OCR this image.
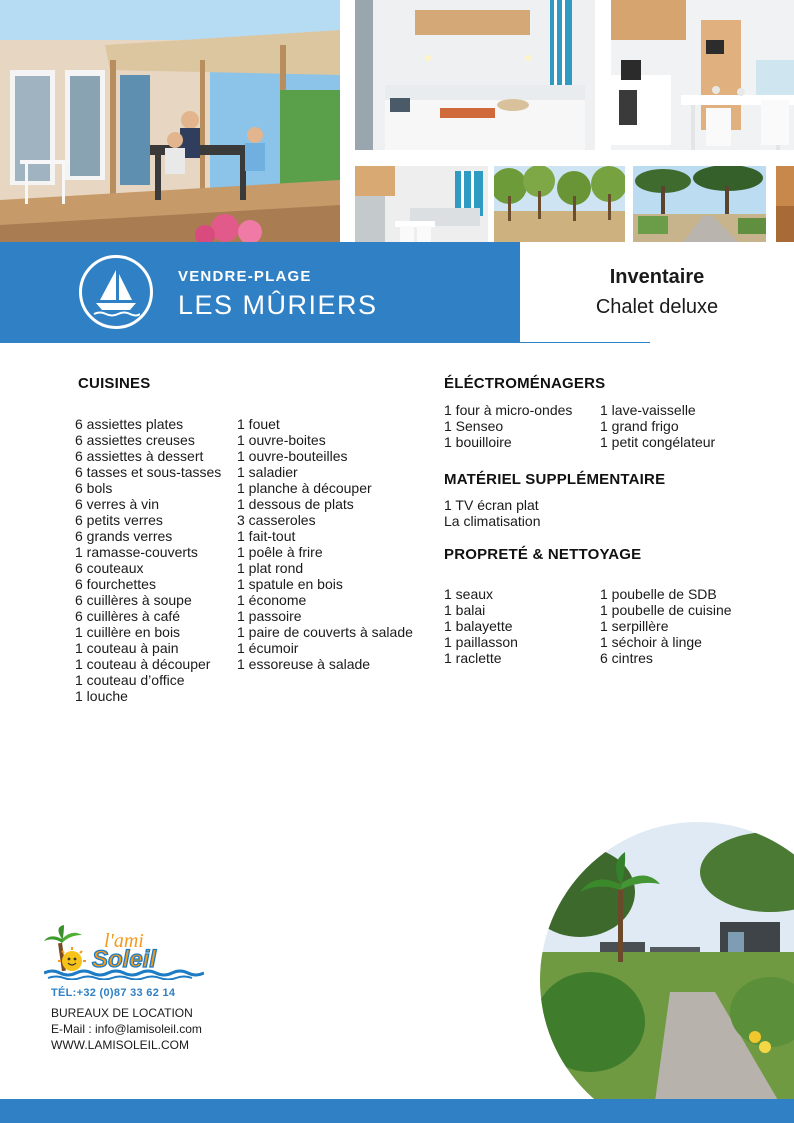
VENDRE-PLAGE
LES MÛRIERS
Inventaire
Chalet deluxe
CUISINES
6 assiettes plates
6 assiettes creuses
6 assiettes à dessert
6 tasses et sous-tasses
6 bols
6 verres à vin
6 petits verres
6 grands verres
1 ramasse-couverts
6 couteaux
6 fourchettes
6 cuillères à soupe
6 cuillères à café
1 cuillère en bois
1 couteau à pain
1 couteau à découper
1 couteau d’office
1 louche
1 fouet
1 ouvre-boites
1 ouvre-bouteilles
1 saladier
1 planche à découper
1 dessous de plats
3 casseroles
1 fait-tout
1 poêle à frire
1 plat rond
1 spatule en bois
1 économe
1 passoire
1 paire de couverts à salade
1 écumoir
1 essoreuse à salade
ÉLÉCTROMÉNAGERS
1 four à micro-ondes
1 Senseo
1 bouilloire
1 lave-vaisselle
1 grand frigo
1 petit congélateur
MATÉRIEL SUPPLÉMENTAIRE
1 TV écran plat
La climatisation
PROPRETÉ & NETTOYAGE
1 seaux
1 balai
1 balayette
1 paillasson
1 raclette
1 poubelle de SDB
1 poubelle de cuisine
1 serpillère
1 séchoir à linge
6 cintres
l'ami
Soleil
TÉL:+32 (0)87 33 62 14
BUREAUX DE LOCATION
E-Mail : info@lamisoleil.com
WWW.LAMISOLEIL.COM
